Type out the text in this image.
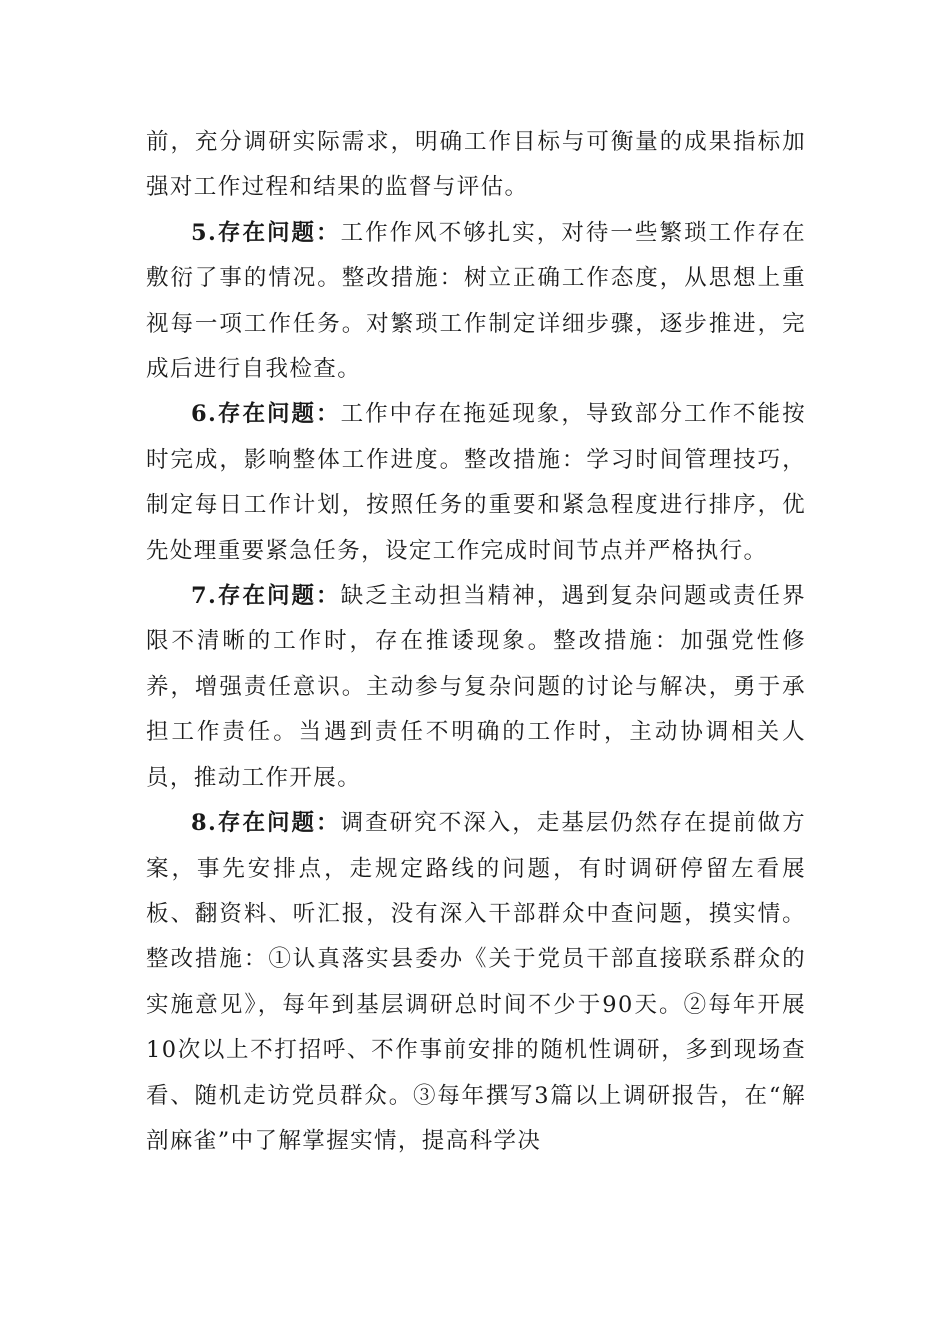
前，充分调研实际需求，明确工作目标与可衡量的成果指标加强对工作过程和结果的监督与评估。

5.存在问题：工作作风不够扎实，对待一些繁琐工作存在敷衍了事的情况。整改措施：树立正确工作态度，从思想上重视每一项工作任务。对繁琐工作制定详细步骤，逐步推进，完成后进行自我检查。

6.存在问题：工作中存在拖延现象，导致部分工作不能按时完成，影响整体工作进度。整改措施：学习时间管理技巧，制定每日工作计划，按照任务的重要和紧急程度进行排序，优先处理重要紧急任务，设定工作完成时间节点并严格执行。

7.存在问题：缺乏主动担当精神，遇到复杂问题或责任界限不清晰的工作时，存在推诿现象。整改措施：加强党性修养，增强责任意识。主动参与复杂问题的讨论与解决，勇于承担工作责任。当遇到责任不明确的工作时，主动协调相关人员，推动工作开展。

8.存在问题：调查研究不深入，走基层仍然存在提前做方案，事先安排点，走规定路线的问题，有时调研停留左看展板、翻资料、听汇报，没有深入干部群众中查问题，摸实情。整改措施：①认真落实县委办《关于党员干部直接联系群众的实施意见》，每年到基层调研总时间不少于90天。②每年开展10次以上不打招呼、不作事前安排的随机性调研，多到现场查看、随机走访党员群众。③每年撰写3篇以上调研报告，在“解剖麻雀”中了解掌握实情，提高科学决
